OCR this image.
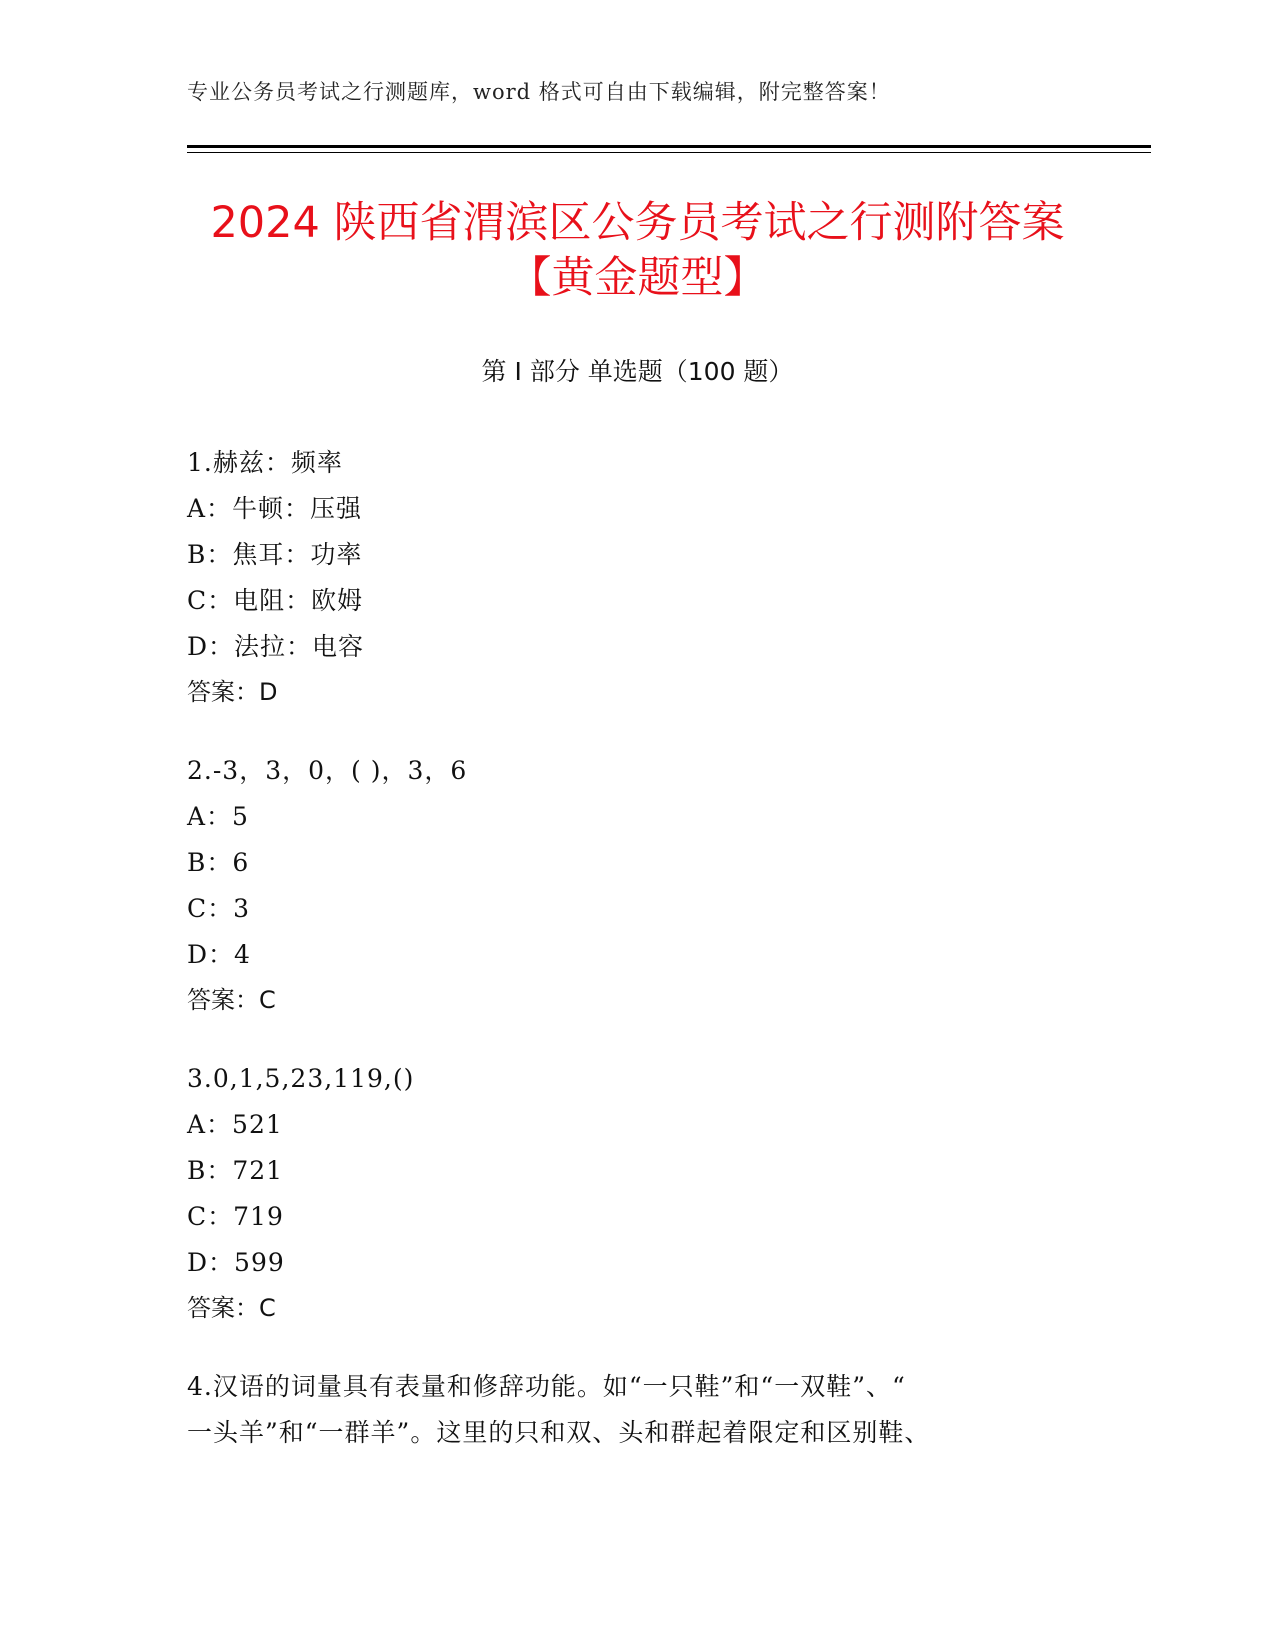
专业公务员考试之行测题库，word 格式可自由下载编辑，附完整答案！
2024 陕西省渭滨区公务员考试之行测附答案
【黄金题型】
第 I 部分 单选题（100 题）
1.赫兹：频率
A：牛顿：压强
B：焦耳：功率
C：电阻：欧姆
D：法拉：电容
答案：D
2.-3，3，0，( )，3，6
A：5
B：6
C：3
D：4
答案：C
3.0,1,5,23,119,()
A：521
B：721
C：719
D：599
答案：C
4.汉语的词量具有表量和修辞功能。如“一只鞋”和“一双鞋”、“
一头羊”和“一群羊”。这里的只和双、头和群起着限定和区别鞋、
